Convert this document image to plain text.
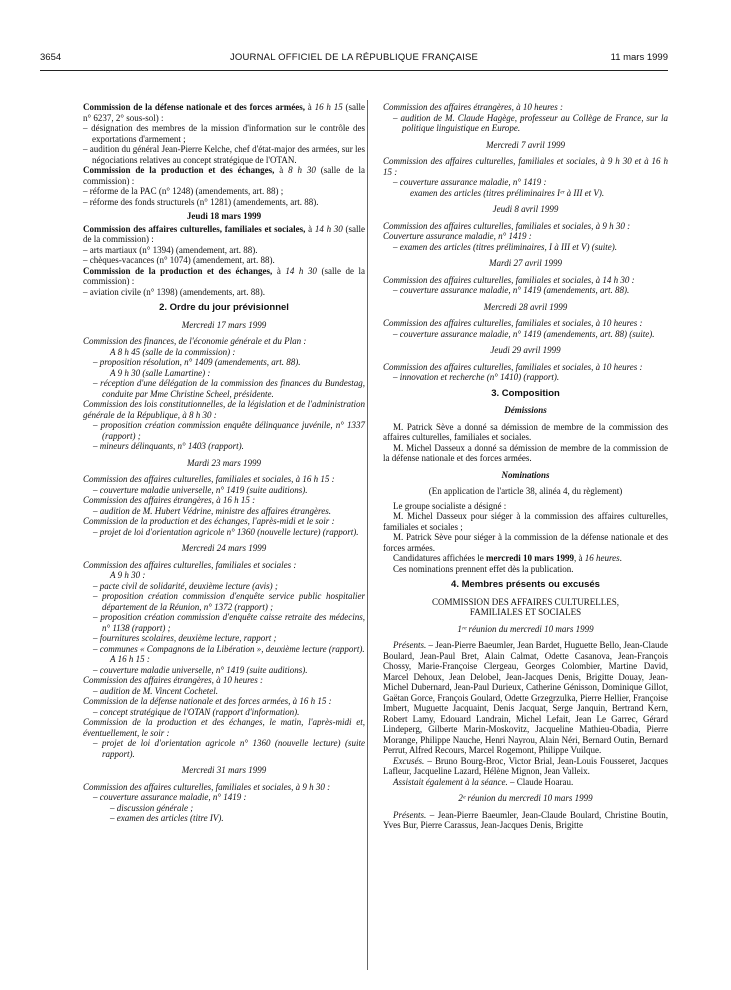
3654	JOURNAL OFFICIEL DE LA RÉPUBLIQUE FRANÇAISE	11 mars 1999

Commission de la défense nationale et des forces armées, à 16 h 15 (salle n° 6237, 2° sous-sol) :

– désignation des membres de la mission d'information sur le contrôle des exportations d'armement ;

– audition du général Jean-Pierre Kelche, chef d'état-major des armées, sur les négociations relatives au concept stratégique de l'OTAN.

Commission de la production et des échanges, à 8 h 30 (salle de la commission) :

– réforme de la PAC (n° 1248) (amendements, art. 88) ;

– réforme des fonds structurels (n° 1281) (amendements, art. 88).

Jeudi 18 mars 1999

Commission des affaires culturelles, familiales et sociales, à 14 h 30 (salle de la commission) :

– arts martiaux (n° 1394) (amendement, art. 88).

– chèques-vacances (n° 1074) (amendement, art. 88).

Commission de la production et des échanges, à 14 h 30 (salle de la commission) :

– aviation civile (n° 1398) (amendements, art. 88).

2. Ordre du jour prévisionnel

Mercredi 17 mars 1999

Commission des finances, de l'économie générale et du Plan :

A 8 h 45 (salle de la commission) :

– proposition résolution, n° 1409 (amendements, art. 88).

A 9 h 30 (salle Lamartine) :

– réception d'une délégation de la commission des finances du Bundestag, conduite par Mme Christine Scheel, présidente.

Commission des lois constitutionnelles, de la législation et de l'administration générale de la République, à 8 h 30 :

– proposition création commission enquête délinquance juvénile, n° 1337 (rapport) ;

– mineurs délinquants, n° 1403 (rapport).

Mardi 23 mars 1999

Commission des affaires culturelles, familiales et sociales, à 16 h 15 :

– couverture maladie universelle, n° 1419 (suite auditions).

Commission des affaires étrangères, à 16 h 15 :

– audition de M. Hubert Védrine, ministre des affaires étrangères.

Commission de la production et des échanges, l'après-midi et le soir :

– projet de loi d'orientation agricole n° 1360 (nouvelle lecture) (rapport).

Mercredi 24 mars 1999

Commission des affaires culturelles, familiales et sociales :

A 9 h 30 :

– pacte civil de solidarité, deuxième lecture (avis) ;

– proposition création commission d'enquête service public hospitalier département de la Réunion, n° 1372 (rapport) ;

– proposition création commission d'enquête caisse retraite des médecins, n° 1138 (rapport) ;

– fournitures scolaires, deuxième lecture, rapport ;

– communes « Compagnons de la Libération », deuxième lecture (rapport).

A 16 h 15 :

– couverture maladie universelle, n° 1419 (suite auditions).

Commission des affaires étrangères, à 10 heures :

– audition de M. Vincent Cochetel.

Commission de la défense nationale et des forces armées, à 16 h 15 :

– concept stratégique de l'OTAN (rapport d'information).

Commission de la production et des échanges, le matin, l'après-midi et, éventuellement, le soir :

– projet de loi d'orientation agricole n° 1360 (nouvelle lecture) (suite rapport).

Mercredi 31 mars 1999

Commission des affaires culturelles, familiales et sociales, à 9 h 30 :

– couverture assurance maladie, n° 1419 :

– discussion générale ;

– examen des articles (titre IV).

Commission des affaires étrangères, à 10 heures :

– audition de M. Claude Hagège, professeur au Collège de France, sur la politique linguistique en Europe.

Mercredi 7 avril 1999

Commission des affaires culturelles, familiales et sociales, à 9 h 30 et à 16 h 15 :

– couverture assurance maladie, n° 1419 :

examen des articles (titres préliminaires Iᵉʳ à III et V).

Jeudi 8 avril 1999

Commission des affaires culturelles, familiales et sociales, à 9 h 30 :

Couverture assurance maladie, n° 1419 :

– examen des articles (titres préliminaires, I à III et V) (suite).

Mardi 27 avril 1999

Commission des affaires culturelles, familiales et sociales, à 14 h 30 :

– couverture assurance maladie, n° 1419 (amendements, art. 88).

Mercredi 28 avril 1999

Commission des affaires culturelles, familiales et sociales, à 10 heures :

– couverture assurance maladie, n° 1419 (amendements, art. 88) (suite).

Jeudi 29 avril 1999

Commission des affaires culturelles, familiales et sociales, à 10 heures :

– innovation et recherche (n° 1410) (rapport).

3. Composition

Démissions

M. Patrick Sève a donné sa démission de membre de la commission des affaires culturelles, familiales et sociales.

M. Michel Dasseux a donné sa démission de membre de la commission de la défense nationale et des forces armées.

Nominations

(En application de l'article 38, alinéa 4, du règlement)

Le groupe socialiste a désigné :

M. Michel Dasseux pour siéger à la commission des affaires culturelles, familiales et sociales ;

M. Patrick Sève pour siéger à la commission de la défense nationale et des forces armées.

Candidatures affichées le mercredi 10 mars 1999, à 16 heures.

Ces nominations prennent effet dès la publication.

4. Membres présents ou excusés

COMMISSION DES AFFAIRES CULTURELLES,

FAMILIALES ET SOCIALES

1ʳᵉ réunion du mercredi 10 mars 1999

Présents. – Jean-Pierre Baeumler, Jean Bardet, Huguette Bello, Jean-Claude Boulard, Jean-Paul Bret, Alain Calmat, Odette Casanova, Jean-François Chossy, Marie-Françoise Clergeau, Georges Colombier, Martine David, Marcel Dehoux, Jean Delobel, Jean-Jacques Denis, Brigitte Douay, Jean-Michel Dubernard, Jean-Paul Durieux, Catherine Génisson, Dominique Gillot, Gaëtan Gorce, François Goulard, Odette Grzegrzulka, Pierre Hellier, Françoise Imbert, Muguette Jacquaint, Denis Jacquat, Serge Janquin, Bertrand Kern, Robert Lamy, Edouard Landrain, Michel Lefait, Jean Le Garrec, Gérard Lindeperg, Gilberte Marin-Moskovitz, Jacqueline Mathieu-Obadia, Pierre Morange, Philippe Nauche, Henri Nayrou, Alain Néri, Bernard Outin, Bernard Perrut, Alfred Recours, Marcel Rogemont, Philippe Vuilque.

Excusés. – Bruno Bourg-Broc, Victor Brial, Jean-Louis Fousseret, Jacques Lafleur, Jacqueline Lazard, Hélène Mignon, Jean Valleix.

Assistait également à la séance. – Claude Hoarau.

2ᵉ réunion du mercredi 10 mars 1999

Présents. – Jean-Pierre Baeumler, Jean-Claude Boulard, Christine Boutin, Yves Bur, Pierre Carassus, Jean-Jacques Denis, Brigitte
